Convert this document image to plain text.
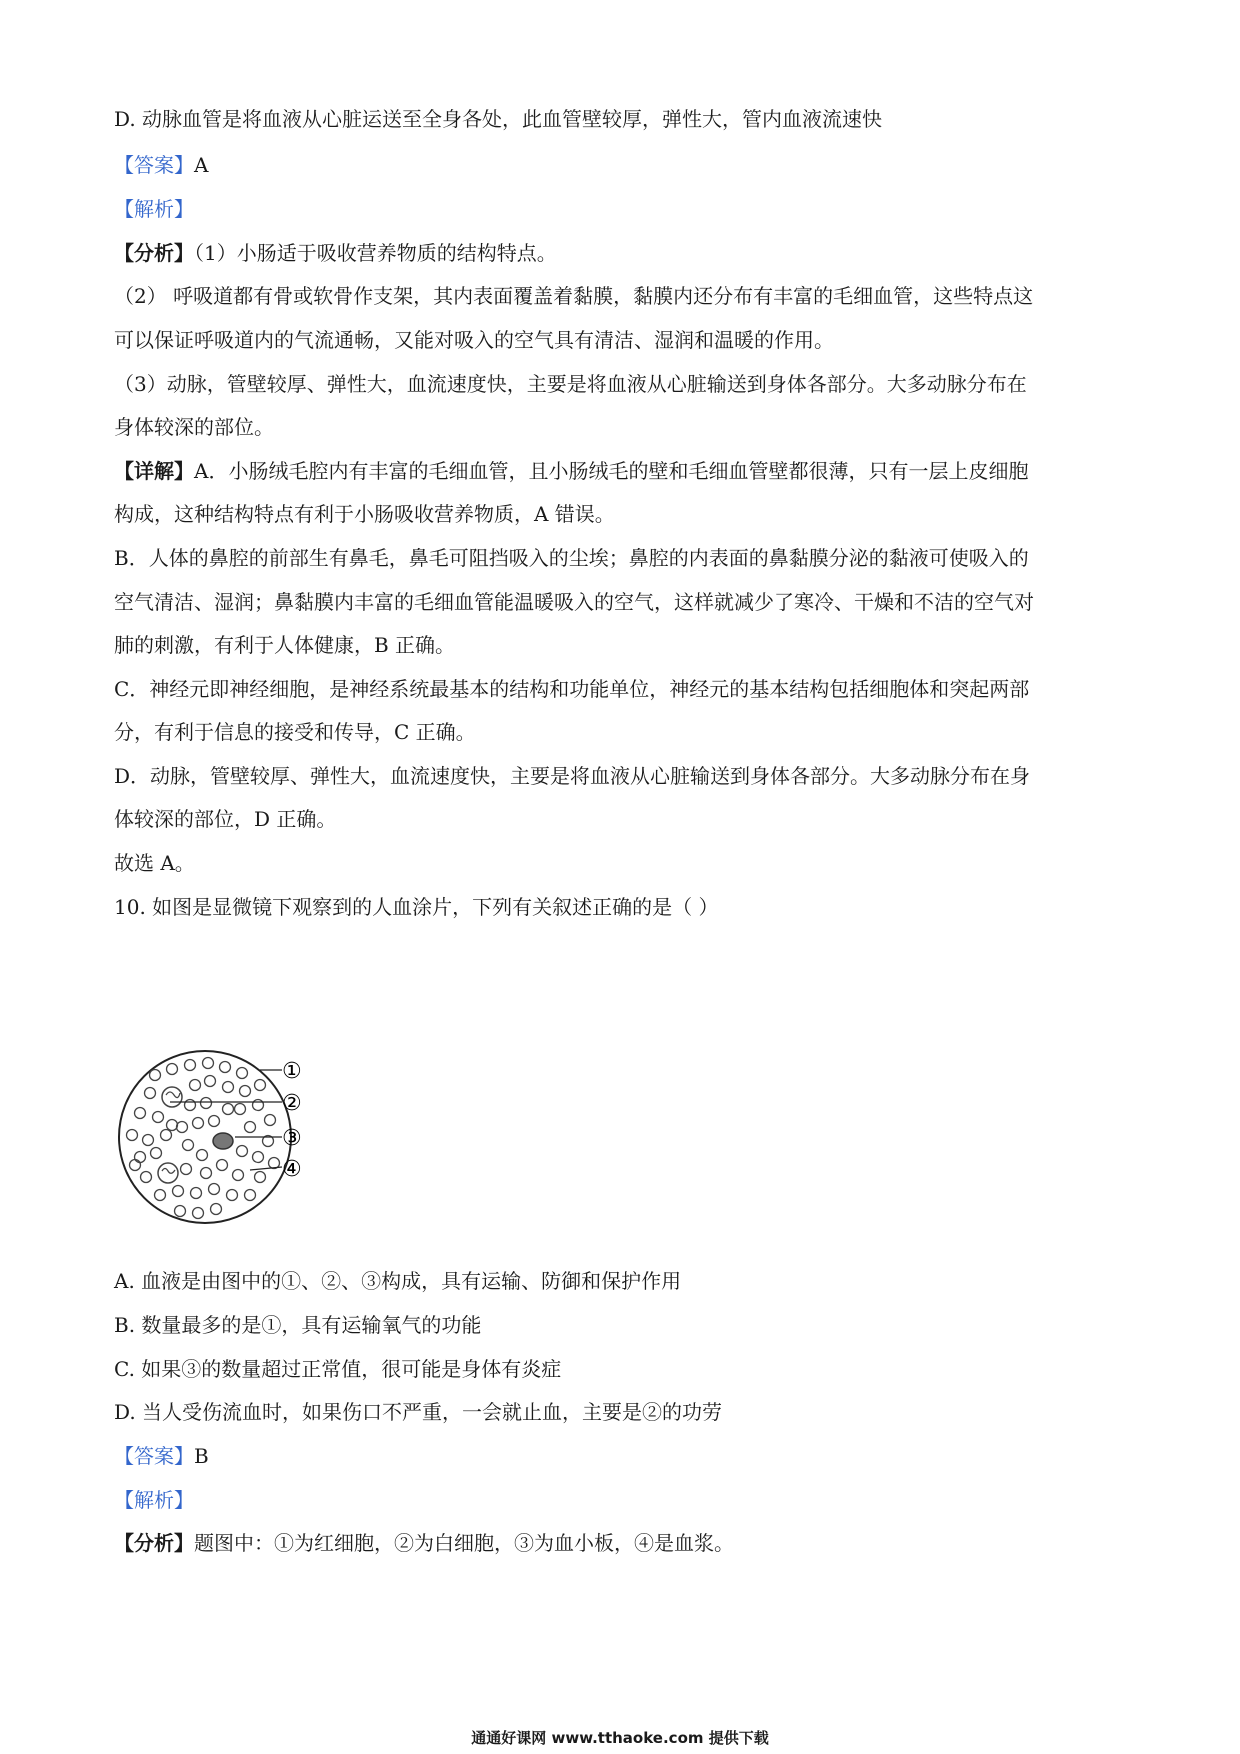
D. 动脉血管是将血液从心脏运送至全身各处，此血管壁较厚，弹性大，管内血液流速快
【答案】A
【解析】
【分析】（1）小肠适于吸收营养物质的结构特点。
（2） 呼吸道都有骨或软骨作支架，其内表面覆盖着黏膜，黏膜内还分布有丰富的毛细血管，这些特点这
可以保证呼吸道内的气流通畅，又能对吸入的空气具有清洁、湿润和温暖的作用。
（3）动脉，管壁较厚、弹性大，血流速度快，主要是将血液从心脏输送到身体各部分。大多动脉分布在
身体较深的部位。
【详解】A．小肠绒毛腔内有丰富的毛细血管，且小肠绒毛的壁和毛细血管壁都很薄，只有一层上皮细胞
构成，这种结构特点有利于小肠吸收营养物质，A 错误。
B．人体的鼻腔的前部生有鼻毛，鼻毛可阻挡吸入的尘埃；鼻腔的内表面的鼻黏膜分泌的黏液可使吸入的
空气清洁、湿润；鼻黏膜内丰富的毛细血管能温暖吸入的空气，这样就减少了寒冷、干燥和不洁的空气对
肺的刺激，有利于人体健康，B 正确。
C．神经元即神经细胞，是神经系统最基本的结构和功能单位，神经元的基本结构包括细胞体和突起两部
分，有利于信息的接受和传导，C 正确。
D．动脉，管壁较厚、弹性大，血流速度快，主要是将血液从心脏输送到身体各部分。大多动脉分布在身
体较深的部位，D 正确。
故选 A。
10. 如图是显微镜下观察到的人血涂片，下列有关叙述正确的是（ ）
①
②
③
④
A. 血液是由图中的①、②、③构成，具有运输、防御和保护作用
B. 数量最多的是①，具有运输氧气的功能
C. 如果③的数量超过正常值，很可能是身体有炎症
D. 当人受伤流血时，如果伤口不严重，一会就止血，主要是②的功劳
【答案】B
【解析】
【分析】题图中：①为红细胞，②为白细胞，③为血小板，④是血浆。
通通好课网 www.tthaoke.com 提供下载
